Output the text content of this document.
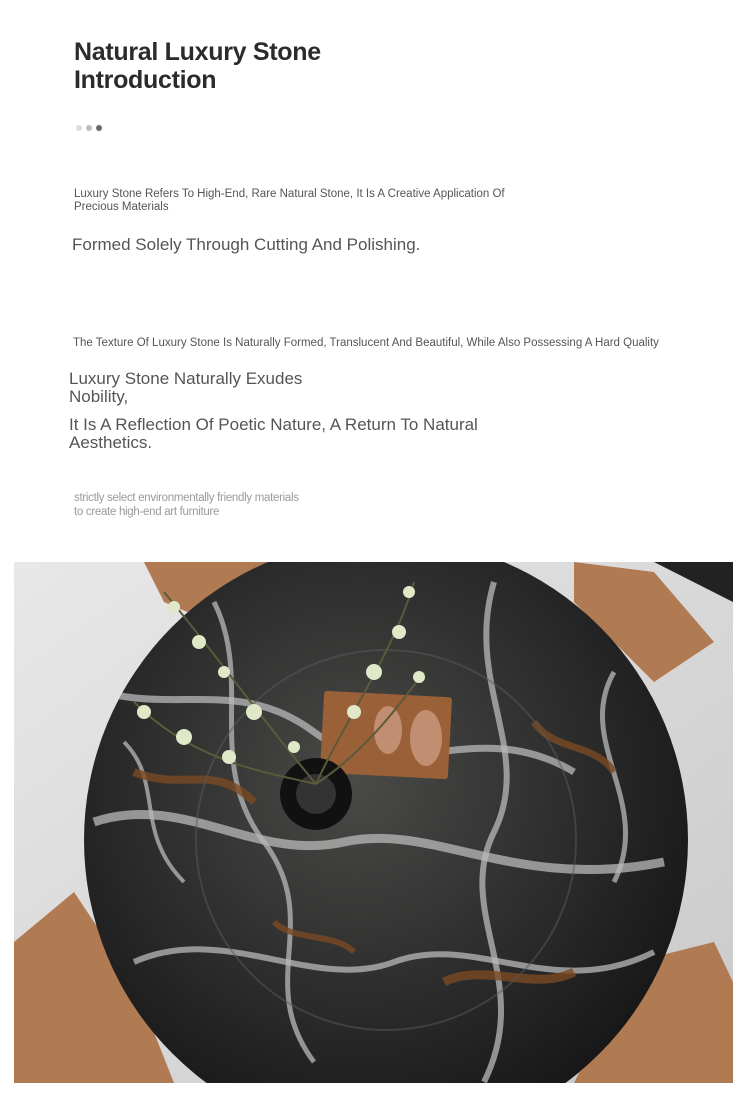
Natural Luxury Stone Introduction

Luxury Stone Refers To High-End, Rare Natural Stone, It Is A Creative Application Of Precious Materials

Formed Solely Through Cutting And Polishing.

The Texture Of Luxury Stone Is Naturally Formed, Translucent And Beautiful, While Also Possessing A Hard Quality

Luxury Stone Naturally Exudes Nobility,

It Is A Reflection Of Poetic Nature, A Return To Natural Aesthetics.

strictly select environmentally friendly materials
to create high-end art furniture
